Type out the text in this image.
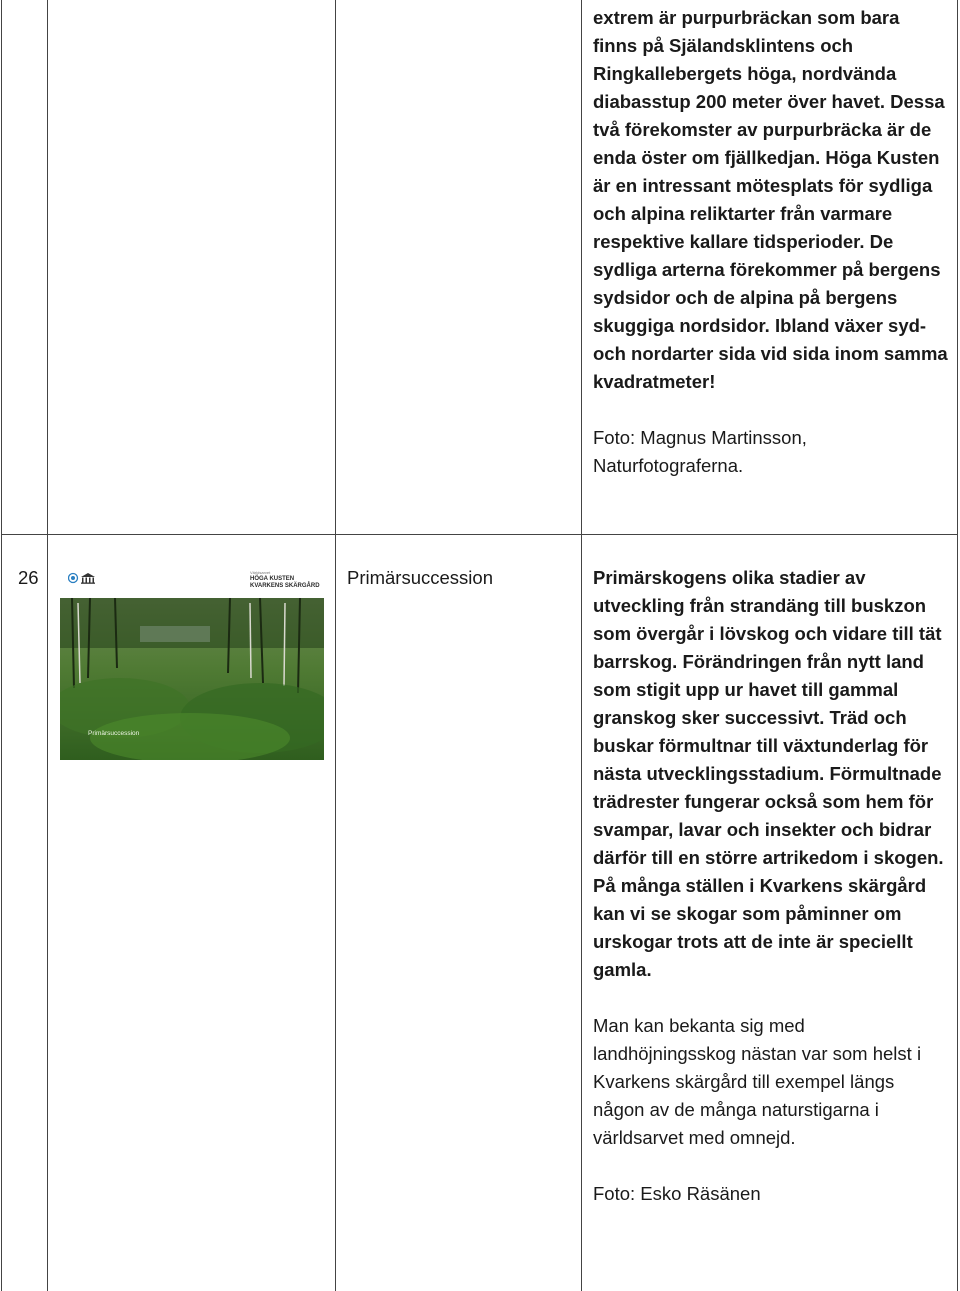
extrem är purpurbräckan som bara finns på Själandsklintens och Ringkallebergets höga, nordvända diabasstup 200 meter över havet. Dessa två förekomster av purpurbräcka är de enda öster om fjällkedjan. Höga Kusten är en intressant mötesplats för sydliga och alpina reliktarter från varmare respektive kallare tidsperioder. De sydliga arterna förekommer på bergens sydsidor och de alpina på bergens skuggiga nordsidor. Ibland växer syd- och nordarter sida vid sida inom samma kvadratmeter!

Foto: Magnus Martinsson, Naturfotograferna.

26	Världsarvet
HÖGA KUSTEN
KVARKENS SKÄRGÅRD
Primärsuccession
Primärsuccession	Primärskogens olika stadier av utveckling från strandäng till buskzon som övergår i lövskog och vidare till tät barrskog. Förändringen från nytt land som stigit upp ur havet till gammal granskog sker successivt. Träd och buskar förmultnar till växtunderlag för nästa utvecklingsstadium. Förmultnade trädrester fungerar också som hem för svampar, lavar och insekter och bidrar därför till en större artrikedom i skogen. På många ställen i Kvarkens skärgård kan vi se skogar som påminner om urskogar trots att de inte är speciellt gamla.

Man kan bekanta sig med landhöjningsskog nästan var som helst i Kvarkens skärgård till exempel längs någon av de många naturstigarna i världsarvet med omnejd.

Foto: Esko Räsänen
